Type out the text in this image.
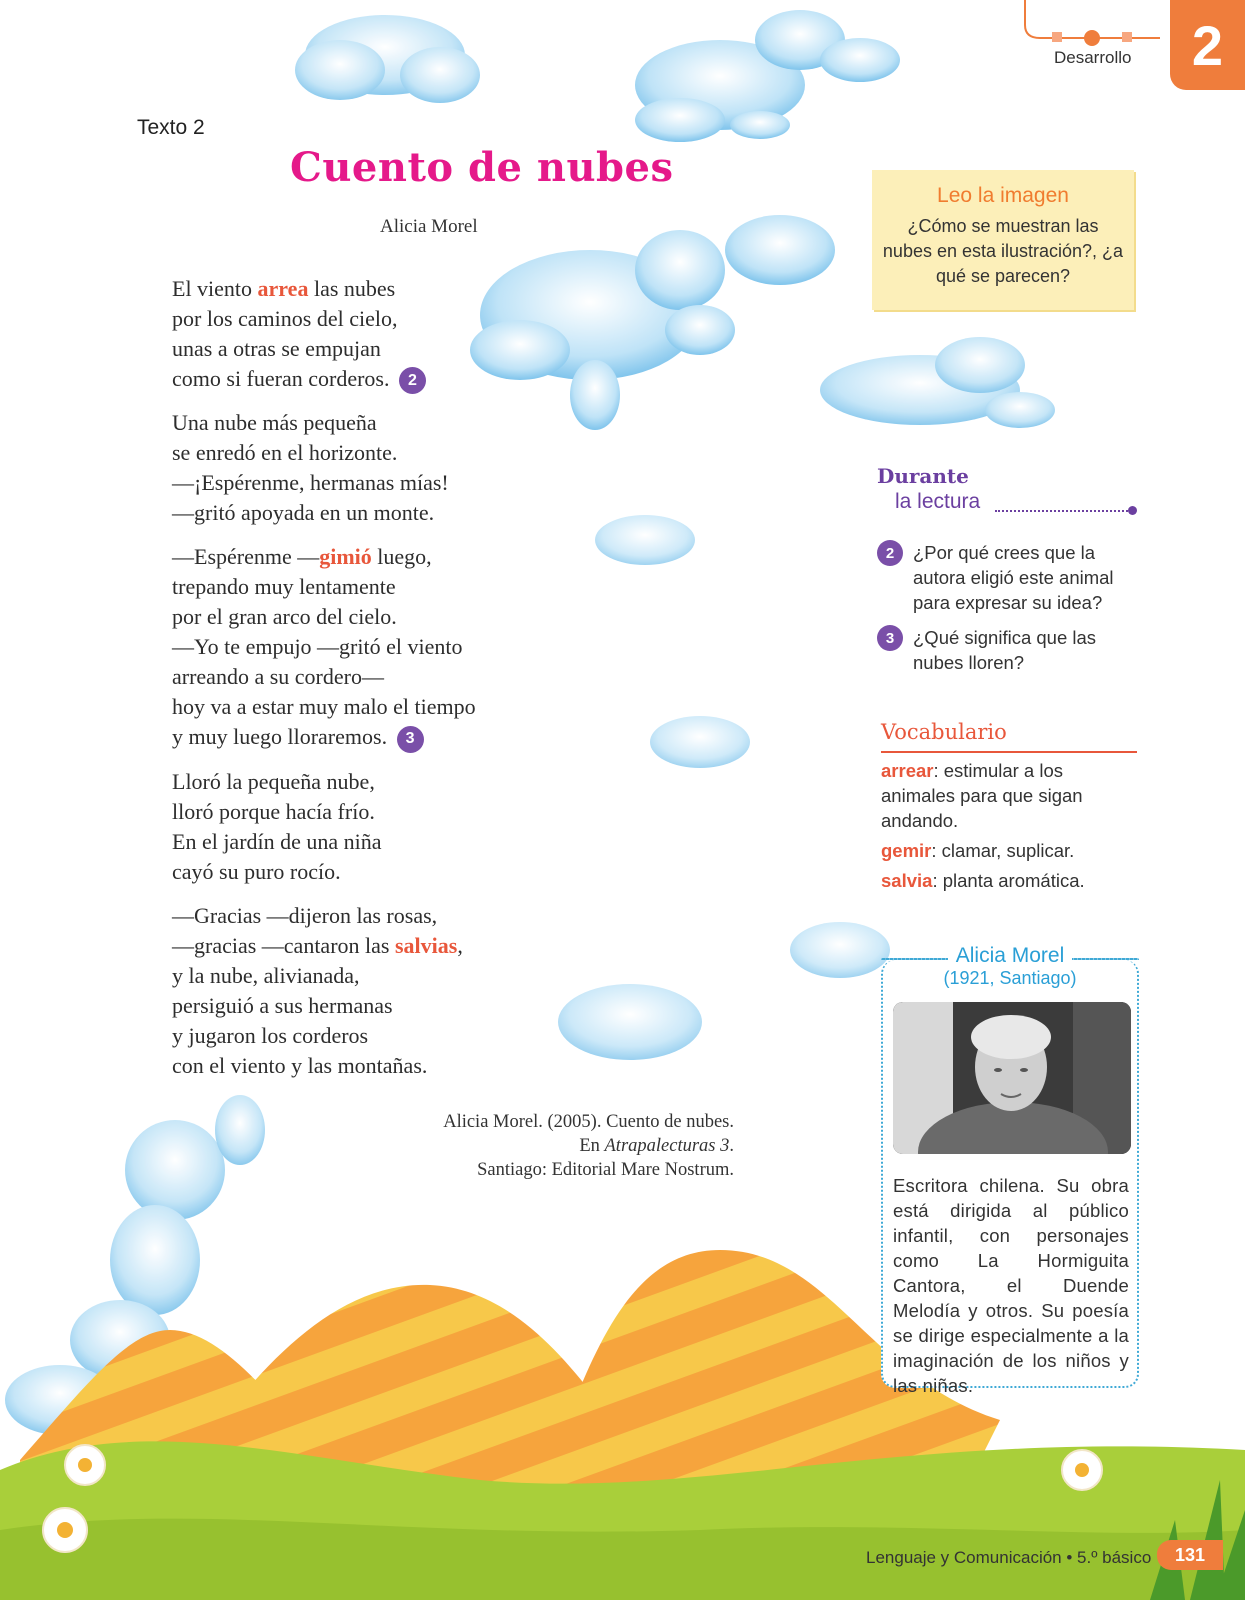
Desarrollo	2
Texto 2
Cuento de nubes
Alicia Morel
El viento arrea las nubes
por los caminos del cielo,
unas a otras se empujan
como si fueran corderos. 2
Una nube más pequeña
se enredó en el horizonte.
—¡Espérenme, hermanas mías!
—gritó apoyada en un monte.
—Espérenme —gimió luego,
trepando muy lentamente
por el gran arco del cielo.
—Yo te empujo —gritó el viento
arreando a su cordero—
hoy va a estar muy malo el tiempo
y muy luego lloraremos. 3
Lloró la pequeña nube,
lloró porque hacía frío.
En el jardín de una niña
cayó su puro rocío.
—Gracias —dijeron las rosas,
—gracias —cantaron las salvias,
y la nube, alivianada,
persiguió a sus hermanas
y jugaron los corderos
con el viento y las montañas.
Alicia Morel. (2005). Cuento de nubes.
En Atrapalecturas 3.
Santiago: Editorial Mare Nostrum.
Leo la imagen
¿Cómo se muestran las nubes en esta ilustración?, ¿a qué se parecen?
Durante
la lectura
2	¿Por qué crees que la autora eligió este animal para expresar su idea?
3	¿Qué significa que las nubes lloren?
Vocabulario
arrear: estimular a los animales para que sigan andando.
gemir: clamar, suplicar.
salvia: planta aromática.
Alicia Morel
(1921, Santiago)
Escritora chilena. Su obra está dirigida al público infantil, con personajes como La Hormiguita Cantora, el Duende Melodía y otros. Su poesía se dirige especialmente a la imaginación de los niños y las niñas.
Lenguaje y Comunicación • 5.º básico	131
